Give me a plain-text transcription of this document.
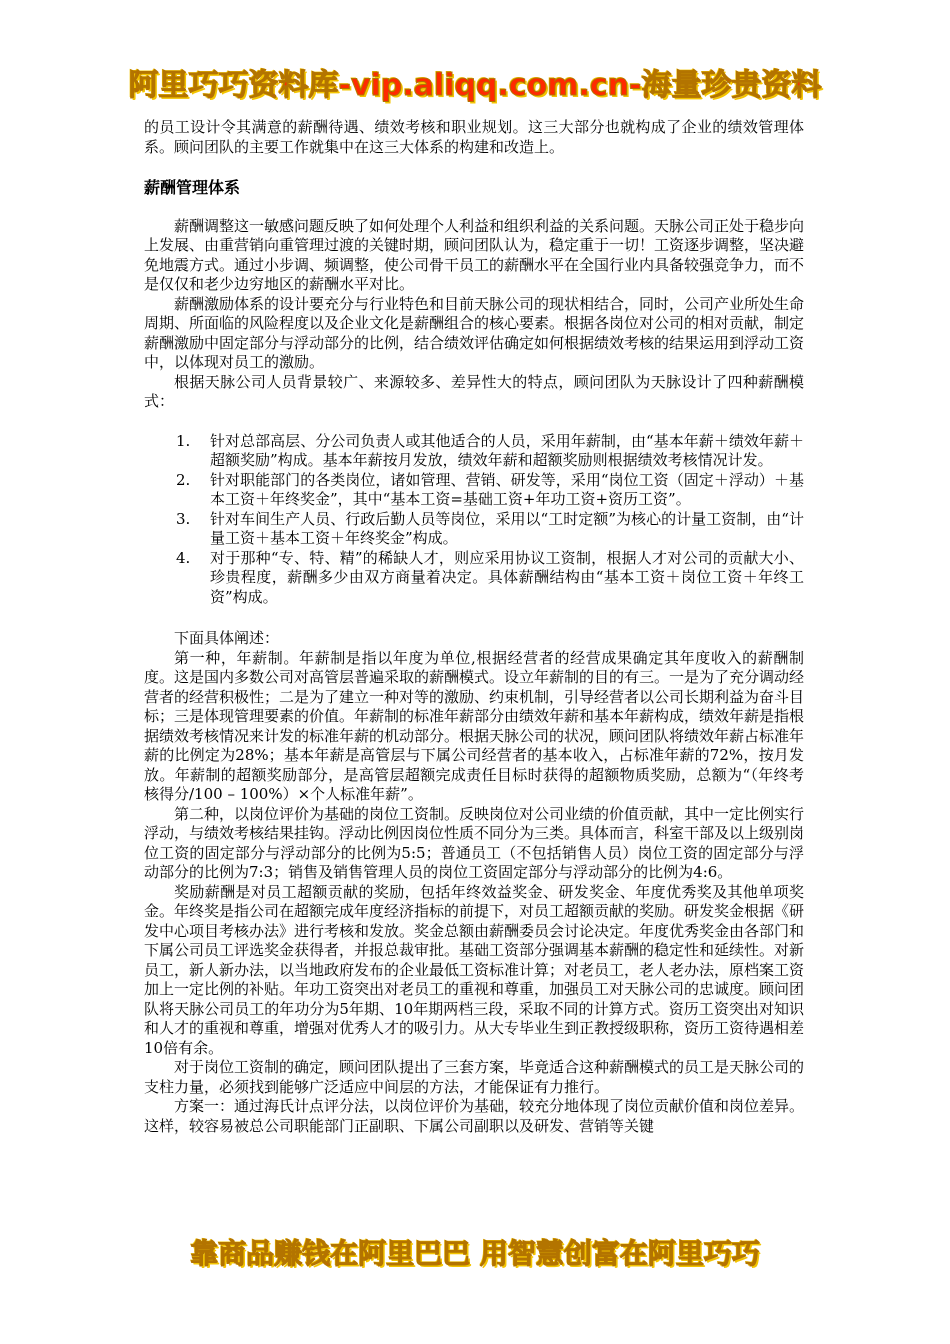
阿里巧巧资料库-vip.aliqq.com.cn-海量珍贵资料

的员工设计令其满意的薪酬待遇、绩效考核和职业规划。这三大部分也就构成了企业的绩效管理体系。顾问团队的主要工作就集中在这三大体系的构建和改造上。

薪酬管理体系

薪酬调整这一敏感问题反映了如何处理个人利益和组织利益的关系问题。天脉公司正处于稳步向上发展、由重营销向重管理过渡的关键时期，顾问团队认为，稳定重于一切！工资逐步调整，坚决避免地震方式。通过小步调、频调整，使公司骨干员工的薪酬水平在全国行业内具备较强竞争力，而不是仅仅和老少边穷地区的薪酬水平对比。

薪酬激励体系的设计要充分与行业特色和目前天脉公司的现状相结合，同时，公司产业所处生命周期、所面临的风险程度以及企业文化是薪酬组合的核心要素。根据各岗位对公司的相对贡献，制定薪酬激励中固定部分与浮动部分的比例，结合绩效评估确定如何根据绩效考核的结果运用到浮动工资中，以体现对员工的激励。

根据天脉公司人员背景较广、来源较多、差异性大的特点，顾问团队为天脉设计了四种薪酬模式：

1. 针对总部高层、分公司负责人或其他适合的人员，采用年薪制，由“基本年薪＋绩效年薪＋超额奖励”构成。基本年薪按月发放，绩效年薪和超额奖励则根据绩效考核情况计发。
2. 针对职能部门的各类岗位，诸如管理、营销、研发等，采用“岗位工资（固定＋浮动）＋基本工资＋年终奖金”，其中“基本工资=基础工资+年功工资+资历工资”。
3. 针对车间生产人员、行政后勤人员等岗位，采用以“工时定额”为核心的计量工资制，由“计量工资＋基本工资＋年终奖金”构成。
4. 对于那种“专、特、精”的稀缺人才，则应采用协议工资制，根据人才对公司的贡献大小、珍贵程度，薪酬多少由双方商量着决定。具体薪酬结构由“基本工资＋岗位工资＋年终工资”构成。

下面具体阐述：

第一种，年薪制。年薪制是指以年度为单位,根据经营者的经营成果确定其年度收入的薪酬制度。这是国内多数公司对高管层普遍采取的薪酬模式。设立年薪制的目的有三。一是为了充分调动经营者的经营积极性；二是为了建立一种对等的激励、约束机制，引导经营者以公司长期利益为奋斗目标；三是体现管理要素的价值。年薪制的标准年薪部分由绩效年薪和基本年薪构成，绩效年薪是指根据绩效考核情况来计发的标准年薪的机动部分。根据天脉公司的状况，顾问团队将绩效年薪占标准年薪的比例定为28%；基本年薪是高管层与下属公司经营者的基本收入，占标准年薪的72%，按月发放。年薪制的超额奖励部分，是高管层超额完成责任目标时获得的超额物质奖励，总额为“（年终考核得分/100 – 100%）×个人标准年薪”。

第二种，以岗位评价为基础的岗位工资制。反映岗位对公司业绩的价值贡献，其中一定比例实行浮动，与绩效考核结果挂钩。浮动比例因岗位性质不同分为三类。具体而言，科室干部及以上级别岗位工资的固定部分与浮动部分的比例为5:5；普通员工（不包括销售人员）岗位工资的固定部分与浮动部分的比例为7:3；销售及销售管理人员的岗位工资固定部分与浮动部分的比例为4:6。

奖励薪酬是对员工超额贡献的奖励，包括年终效益奖金、研发奖金、年度优秀奖及其他单项奖金。年终奖是指公司在超额完成年度经济指标的前提下，对员工超额贡献的奖励。研发奖金根据《研发中心项目考核办法》进行考核和发放。奖金总额由薪酬委员会讨论决定。年度优秀奖金由各部门和下属公司员工评选奖金获得者，并报总裁审批。基础工资部分强调基本薪酬的稳定性和延续性。对新员工，新人新办法，以当地政府发布的企业最低工资标准计算；对老员工，老人老办法，原档案工资加上一定比例的补贴。年功工资突出对老员工的重视和尊重，加强员工对天脉公司的忠诚度。顾问团队将天脉公司员工的年功分为5年期、10年期两档三段，采取不同的计算方式。资历工资突出对知识和人才的重视和尊重，增强对优秀人才的吸引力。从大专毕业生到正教授级职称，资历工资待遇相差10倍有余。

对于岗位工资制的确定，顾问团队提出了三套方案，毕竟适合这种薪酬模式的员工是天脉公司的支柱力量，必须找到能够广泛适应中间层的方法，才能保证有力推行。

方案一：通过海氏计点评分法，以岗位评价为基础，较充分地体现了岗位贡献价值和岗位差异。这样，较容易被总公司职能部门正副职、下属公司副职以及研发、营销等关键

靠商品赚钱在阿里巴巴 用智慧创富在阿里巧巧
